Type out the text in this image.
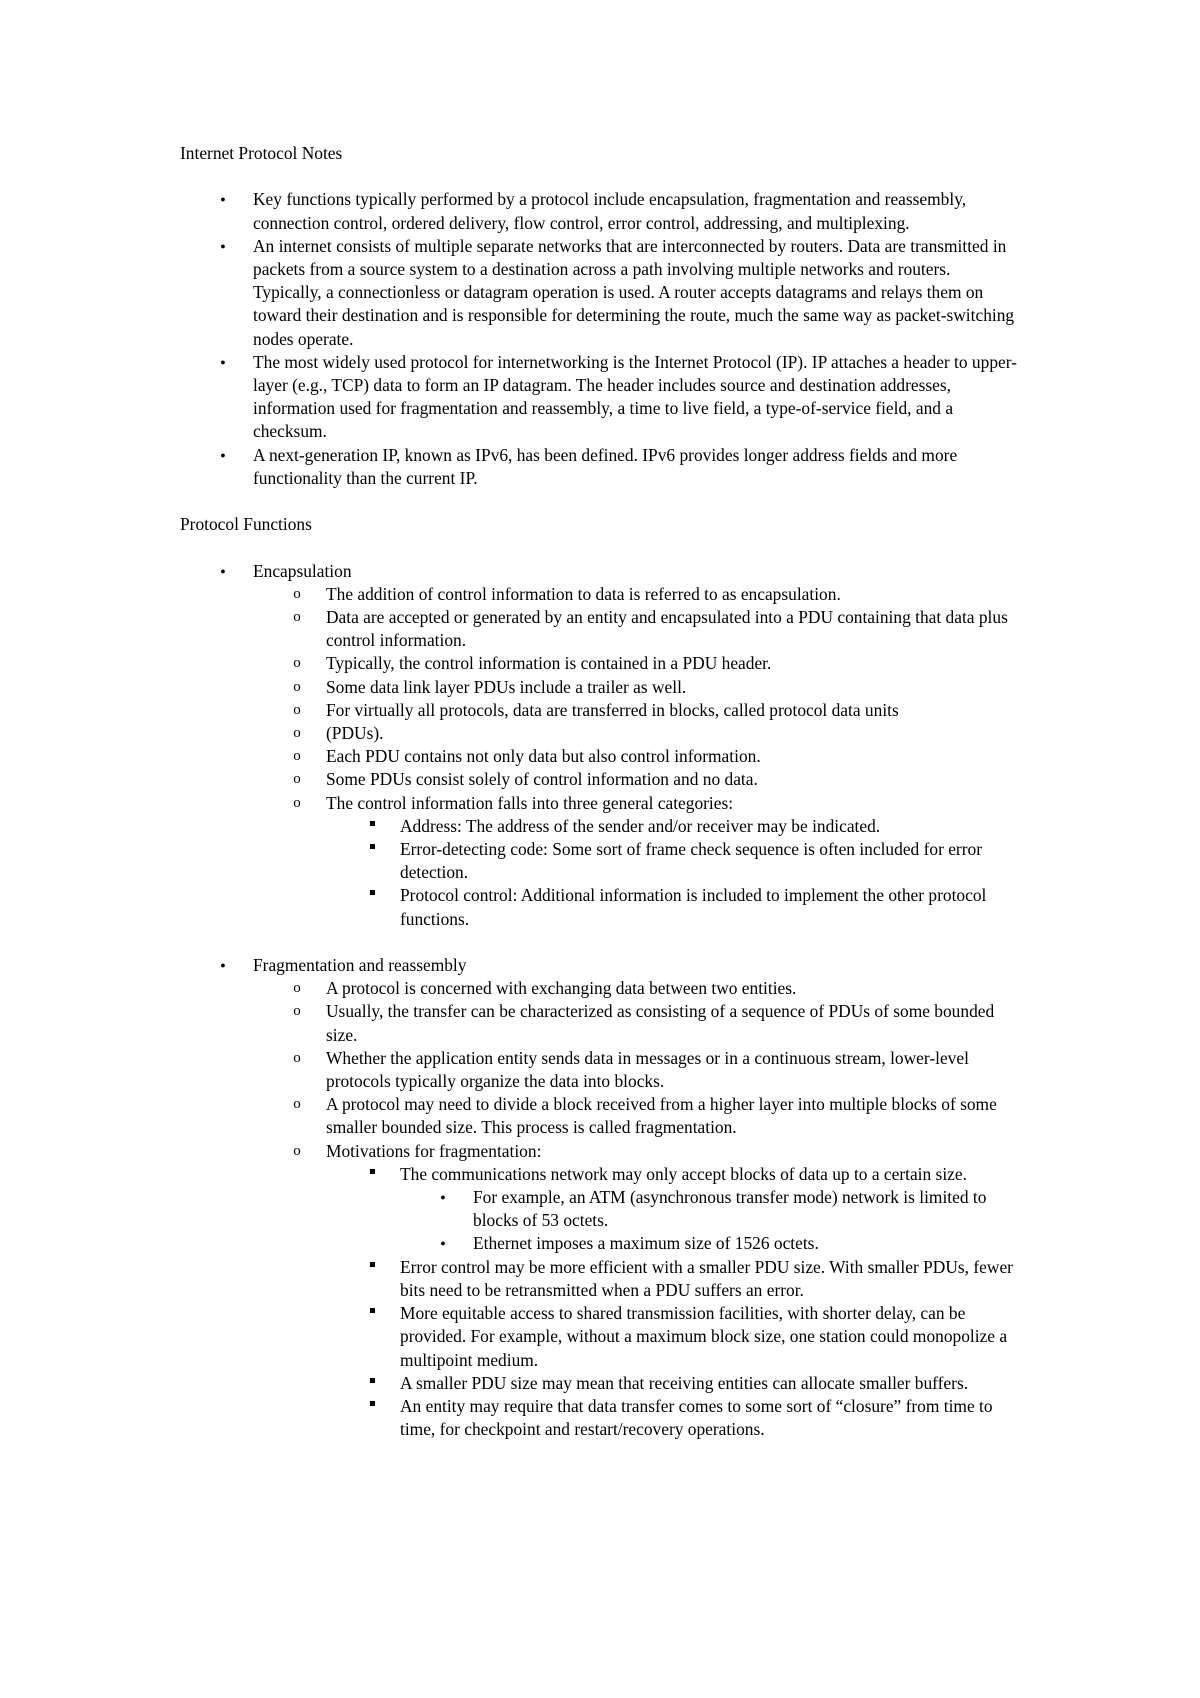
Internet Protocol Notes

●
Key functions typically performed by a protocol include encapsulation, fragmentation and reassembly, connection control, ordered delivery, flow control, error control, addressing, and multiplexing.
●
An internet consists of multiple separate networks that are interconnected by routers. Data are transmitted in packets from a source system to a destination across a path involving multiple networks and routers. Typically, a connectionless or datagram operation is used. A router accepts datagrams and relays them on toward their destination and is responsible for determining the route, much the same way as packet-switching nodes operate.
●
The most widely used protocol for internetworking is the Internet Protocol (IP). IP attaches a header to upper-layer (e.g., TCP) data to form an IP datagram. The header includes source and destination addresses, information used for fragmentation and reassembly, a time to live field, a type-of-service field, and a checksum.
●
A next-generation IP, known as IPv6, has been defined. IPv6 provides longer address fields and more functionality than the current IP.

Protocol Functions

●
Encapsulation
o
The addition of control information to data is referred to as encapsulation.
o
Data are accepted or generated by an entity and encapsulated into a PDU containing that data plus control information.
o
Typically, the control information is contained in a PDU header.
o
Some data link layer PDUs include a trailer as well.
o
For virtually all protocols, data are transferred in blocks, called protocol data units
o
(PDUs).
o
Each PDU contains not only data but also control information.
o
Some PDUs consist solely of control information and no data.
o
The control information falls into three general categories:
Address: The address of the sender and/or receiver may be indicated.
Error-detecting code: Some sort of frame check sequence is often included for error detection.
Protocol control: Additional information is included to implement the other protocol functions.
●
Fragmentation and reassembly
o
A protocol is concerned with exchanging data between two entities.
o
Usually, the transfer can be characterized as consisting of a sequence of PDUs of some bounded size.
o
Whether the application entity sends data in messages or in a continuous stream, lower-level protocols typically organize the data into blocks.
o
A protocol may need to divide a block received from a higher layer into multiple blocks of some smaller bounded size. This process is called fragmentation.
o
Motivations for fragmentation:
The communications network may only accept blocks of data up to a certain size.
●
For example, an ATM (asynchronous transfer mode) network is limited to blocks of 53 octets.
●
Ethernet imposes a maximum size of 1526 octets.
Error control may be more efficient with a smaller PDU size. With smaller PDUs, fewer bits need to be retransmitted when a PDU suffers an error.
More equitable access to shared transmission facilities, with shorter delay, can be provided. For example, without a maximum block size, one station could monopolize a multipoint medium.
A smaller PDU size may mean that receiving entities can allocate smaller buffers.
An entity may require that data transfer comes to some sort of “closure” from time to time, for checkpoint and restart/recovery operations.
